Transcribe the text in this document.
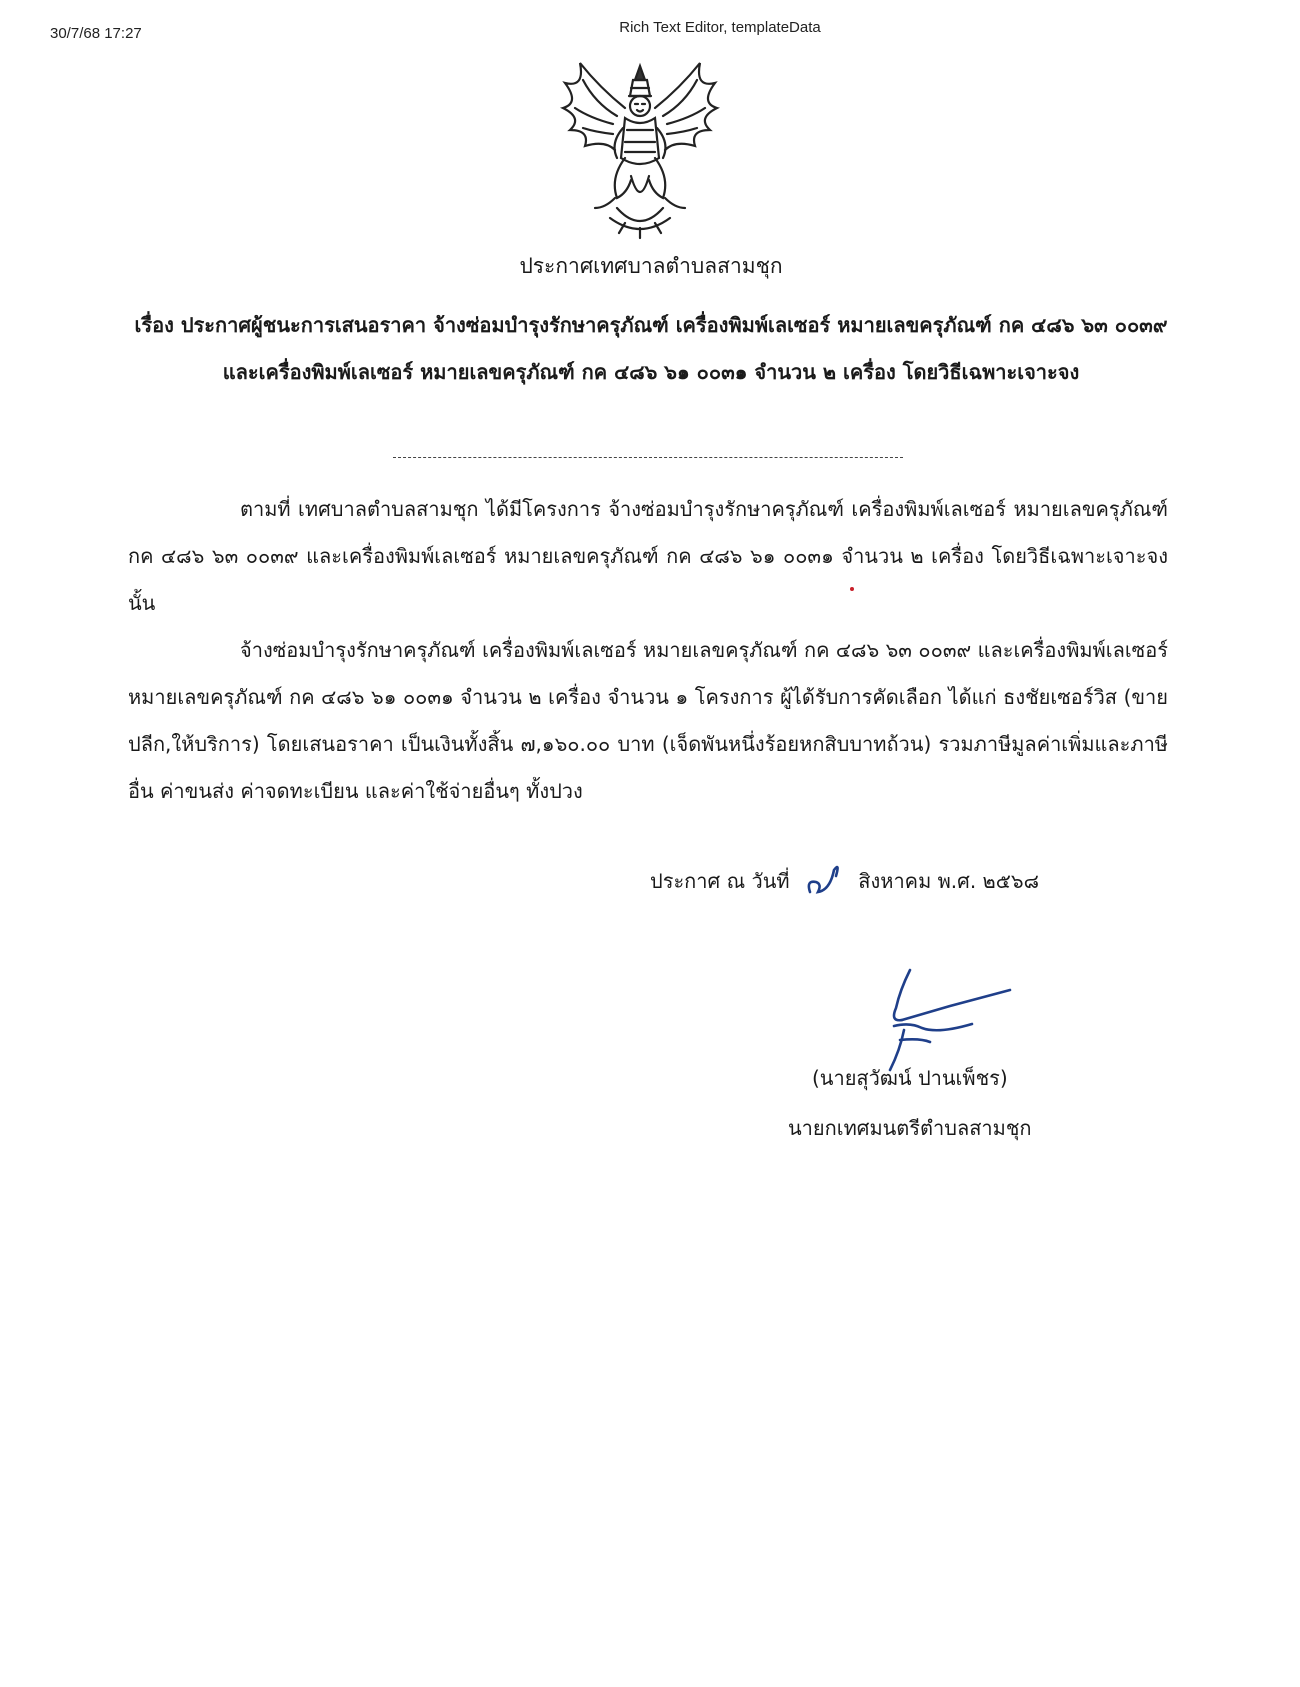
30/7/68 17:27	Rich Text Editor, templateData
ประกาศเทศบาลตำบลสามชุก
เรื่อง ประกาศผู้ชนะการเสนอราคา จ้างซ่อมบำรุงรักษาครุภัณฑ์ เครื่องพิมพ์เลเซอร์ หมายเลขครุภัณฑ์ กค ๔๘๖ ๖๓ ๐๐๓๙ และเครื่องพิมพ์เลเซอร์ หมายเลขครุภัณฑ์ กค ๔๘๖ ๖๑ ๐๐๓๑ จำนวน ๒ เครื่อง โดยวิธีเฉพาะเจาะจง

ตามที่ เทศบาลตำบลสามชุก ได้มีโครงการ จ้างซ่อมบำรุงรักษาครุภัณฑ์ เครื่องพิมพ์เลเซอร์ หมายเลขครุภัณฑ์ กค ๔๘๖ ๖๓ ๐๐๓๙ และเครื่องพิมพ์เลเซอร์ หมายเลขครุภัณฑ์ กค ๔๘๖ ๖๑ ๐๐๓๑ จำนวน ๒ เครื่อง โดยวิธีเฉพาะเจาะจง นั้น

จ้างซ่อมบำรุงรักษาครุภัณฑ์ เครื่องพิมพ์เลเซอร์ หมายเลขครุภัณฑ์ กค ๔๘๖ ๖๓ ๐๐๓๙ และเครื่องพิมพ์เลเซอร์ หมายเลขครุภัณฑ์ กค ๔๘๖ ๖๑ ๐๐๓๑ จำนวน ๒ เครื่อง จำนวน ๑ โครงการ ผู้ได้รับการคัดเลือก ได้แก่ ธงชัยเซอร์วิส (ขายปลีก,ให้บริการ) โดยเสนอราคา เป็นเงินทั้งสิ้น ๗,๑๖๐.๐๐ บาท (เจ็ดพันหนึ่งร้อยหกสิบบาทถ้วน) รวมภาษีมูลค่าเพิ่มและภาษีอื่น ค่าขนส่ง ค่าจดทะเบียน และค่าใช้จ่ายอื่นๆ ทั้งปวง

ประกาศ ณ วันที่	สิงหาคม พ.ศ. ๒๕๖๘
(นายสุวัฒน์ ปานเพ็ชร)
นายกเทศมนตรีตำบลสามชุก
